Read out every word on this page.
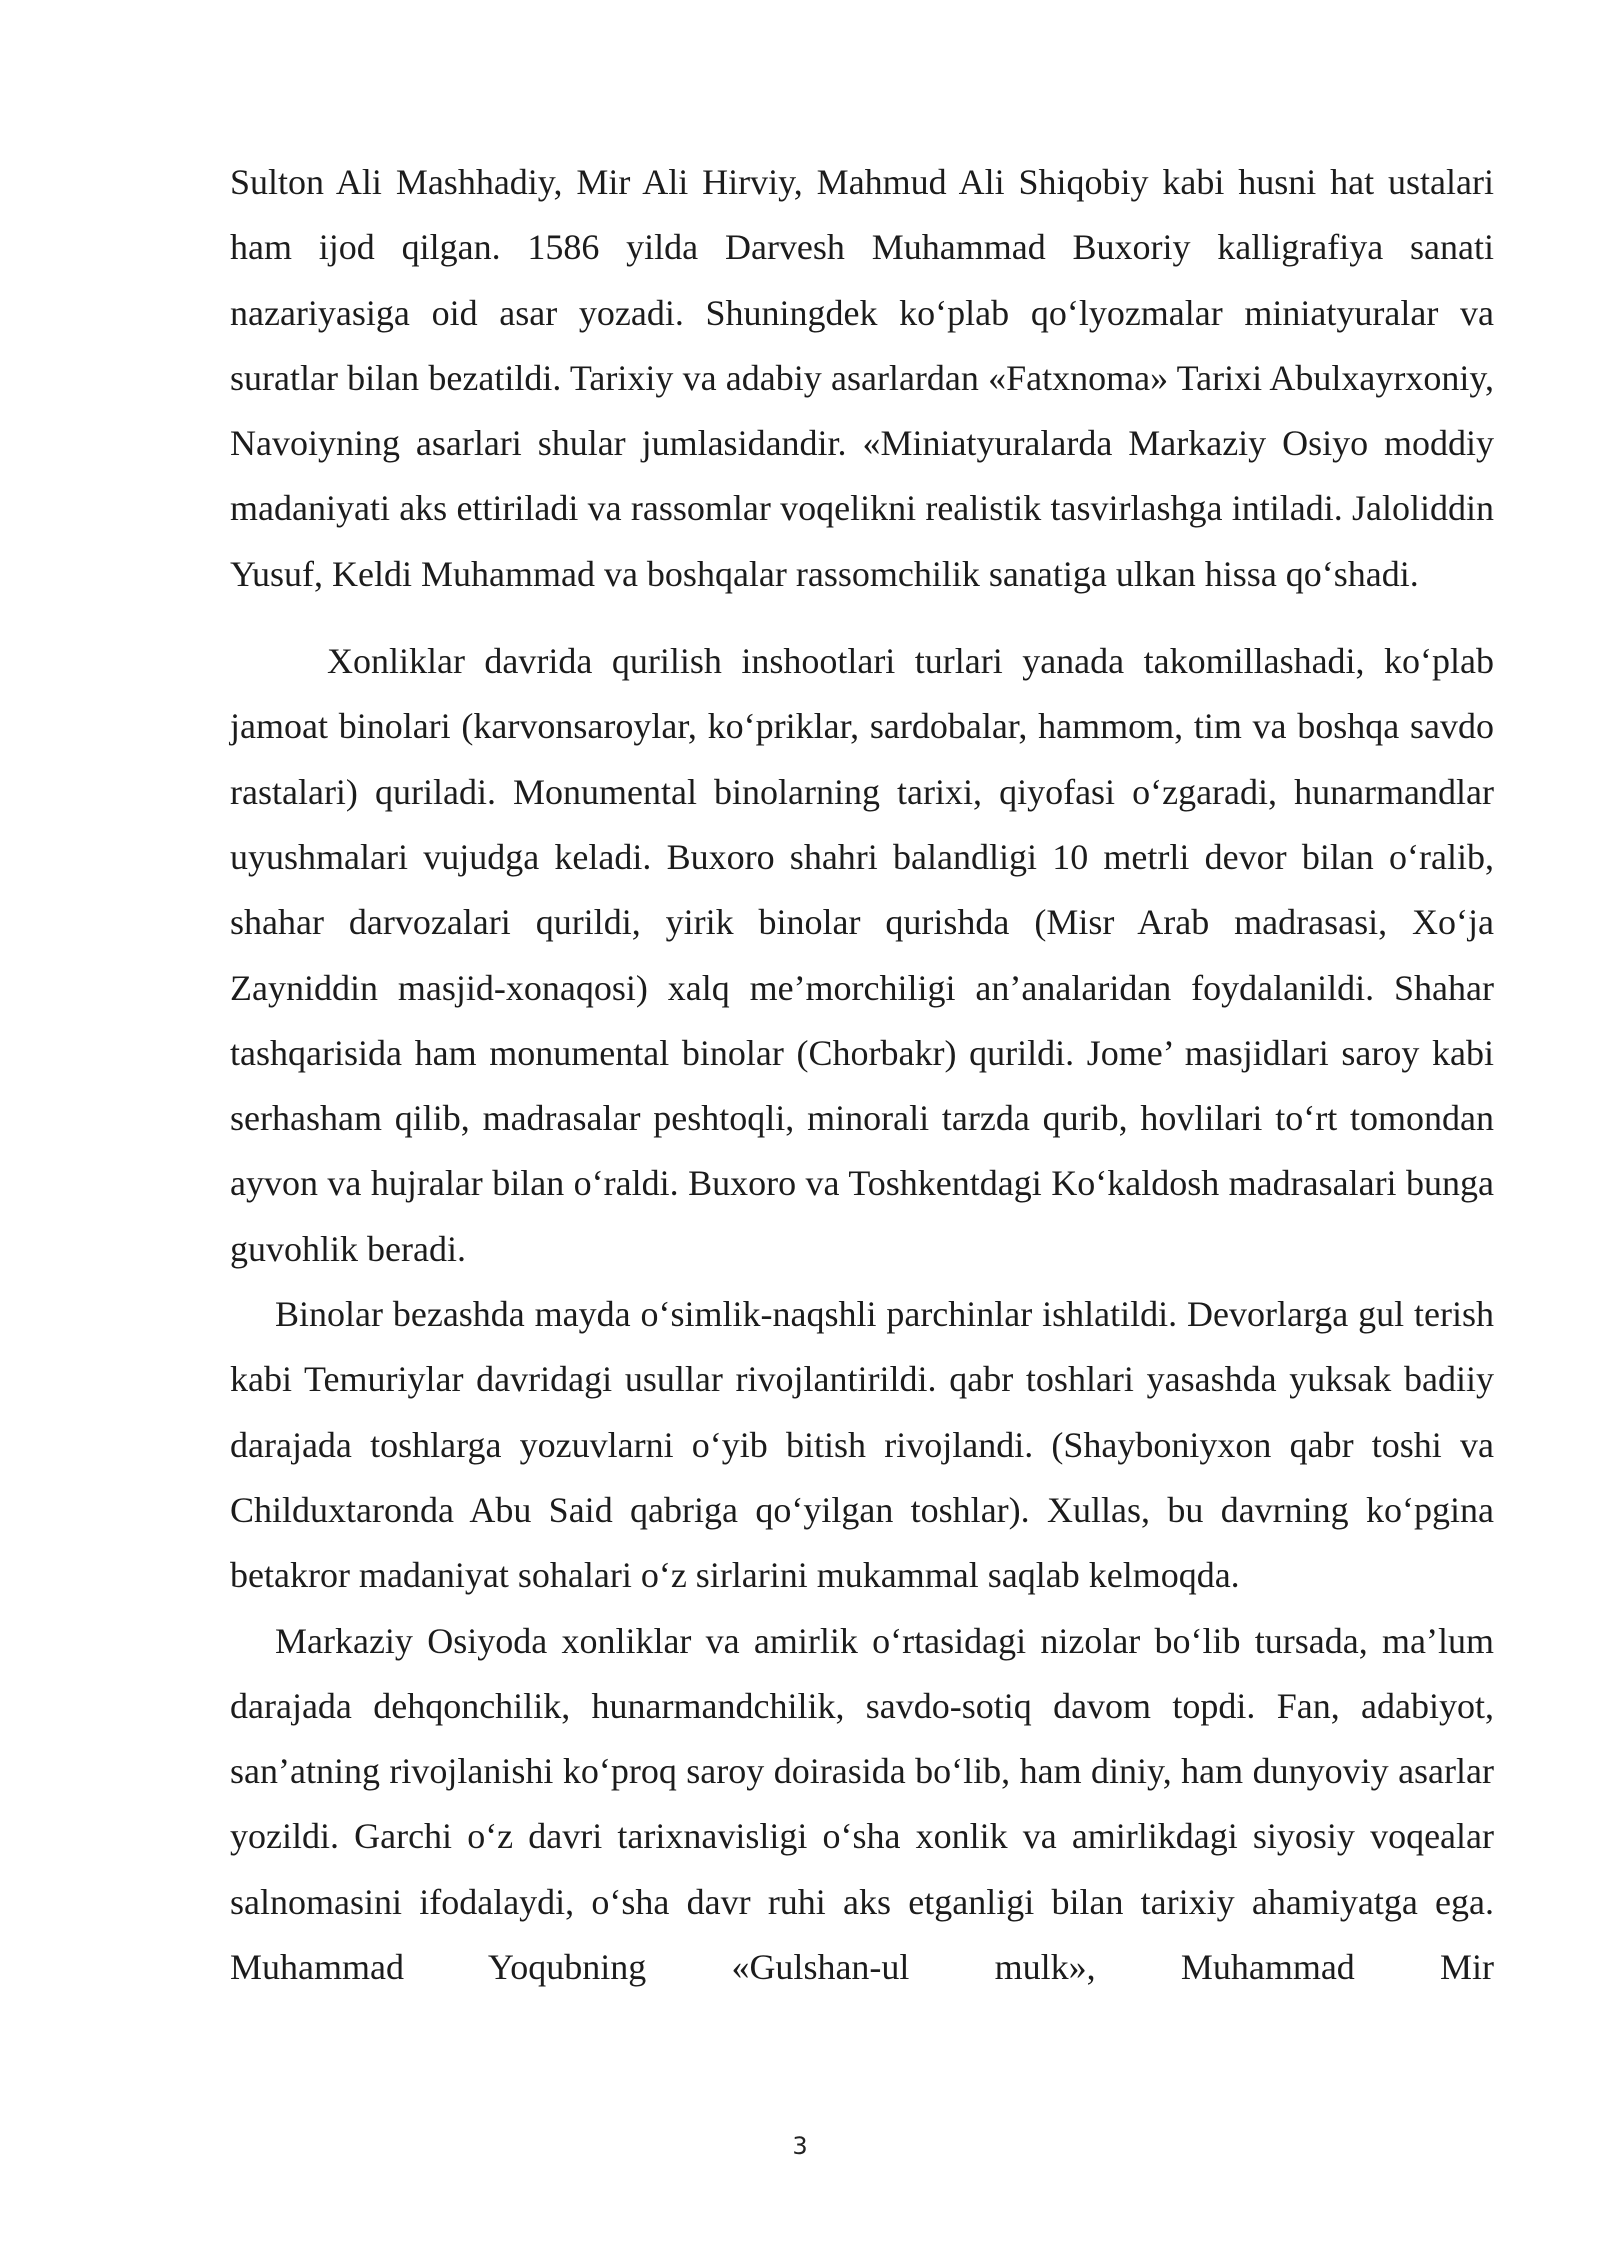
Sulton Ali Mashhadiy, Mir Ali Hirviy, Mahmud Ali Shiqobiy kabi husni hat ustalari ham ijod qilgan. 1586 yilda Darvesh Muhammad Buxoriy kalligrafiya sanati nazariyasiga oid asar yozadi. Shuningdek ko‘plab qo‘lyozmalar miniatyuralar va suratlar bilan bezatildi. Tarixiy va adabiy asarlardan «Fatxnoma» Tarixi Abulxayrxoniy, Navoiyning asarlari shular jumlasidandir. «Miniatyuralarda Markaziy Osiyo moddiy madaniyati aks ettiriladi va rassomlar voqelikni realistik tasvirlashga intiladi. Jaloliddin Yusuf, Keldi Muhammad va boshqalar rassomchilik sanatiga ulkan hissa qo‘shadi.

Xonliklar davrida qurilish inshootlari turlari yanada takomillashadi, ko‘plab jamoat binolari (karvonsaroylar, ko‘priklar, sardobalar, hammom, tim va boshqa savdo rastalari) quriladi. Monumental binolarning tarixi, qiyofasi o‘zgaradi, hunarmandlar uyushmalari vujudga keladi. Buxoro shahri balandligi 10 metrli devor bilan o‘ralib, shahar darvozalari qurildi, yirik binolar qurishda (Misr Arab madrasasi, Xo‘ja Zayniddin masjid-xonaqosi) xalq me’morchiligi an’analaridan foydalanildi. Shahar tashqarisida ham monumental binolar (Chorbakr) qurildi. Jome’ masjidlari saroy kabi serhasham qilib, madrasalar peshtoqli, minorali tarzda qurib, hovlilari to‘rt tomondan ayvon va hujralar bilan o‘raldi. Buxoro va Toshkentdagi Ko‘kaldosh madrasalari bunga guvohlik beradi.

Binolar bezashda mayda o‘simlik-naqshli parchinlar ishlatildi. Devorlarga gul terish kabi Temuriylar davridagi usullar rivojlantirildi. qabr toshlari yasashda yuksak badiiy darajada toshlarga yozuvlarni o‘yib bitish rivojlandi. (Shayboniyxon qabr toshi va Childuxtaronda Abu Said qabriga qo‘yilgan toshlar). Xullas, bu davrning ko‘pgina betakror madaniyat sohalari o‘z sirlarini mukammal saqlab kelmoqda.

Markaziy Osiyoda xonliklar va amirlik o‘rtasidagi nizolar bo‘lib tursada, ma’lum darajada dehqonchilik, hunarmandchilik, savdo-sotiq davom topdi. Fan, adabiyot, san’atning rivojlanishi ko‘proq saroy doirasida bo‘lib, ham diniy, ham dunyoviy asarlar yozildi. Garchi o‘z davri tarixnavisligi o‘sha xonlik va amirlikdagi siyosiy voqealar salnomasini ifodalaydi, o‘sha davr ruhi aks etganligi bilan tarixiy ahamiyatga ega. Muhammad Yoqubning «Gulshan-ul mulk», Muhammad Mir

3
